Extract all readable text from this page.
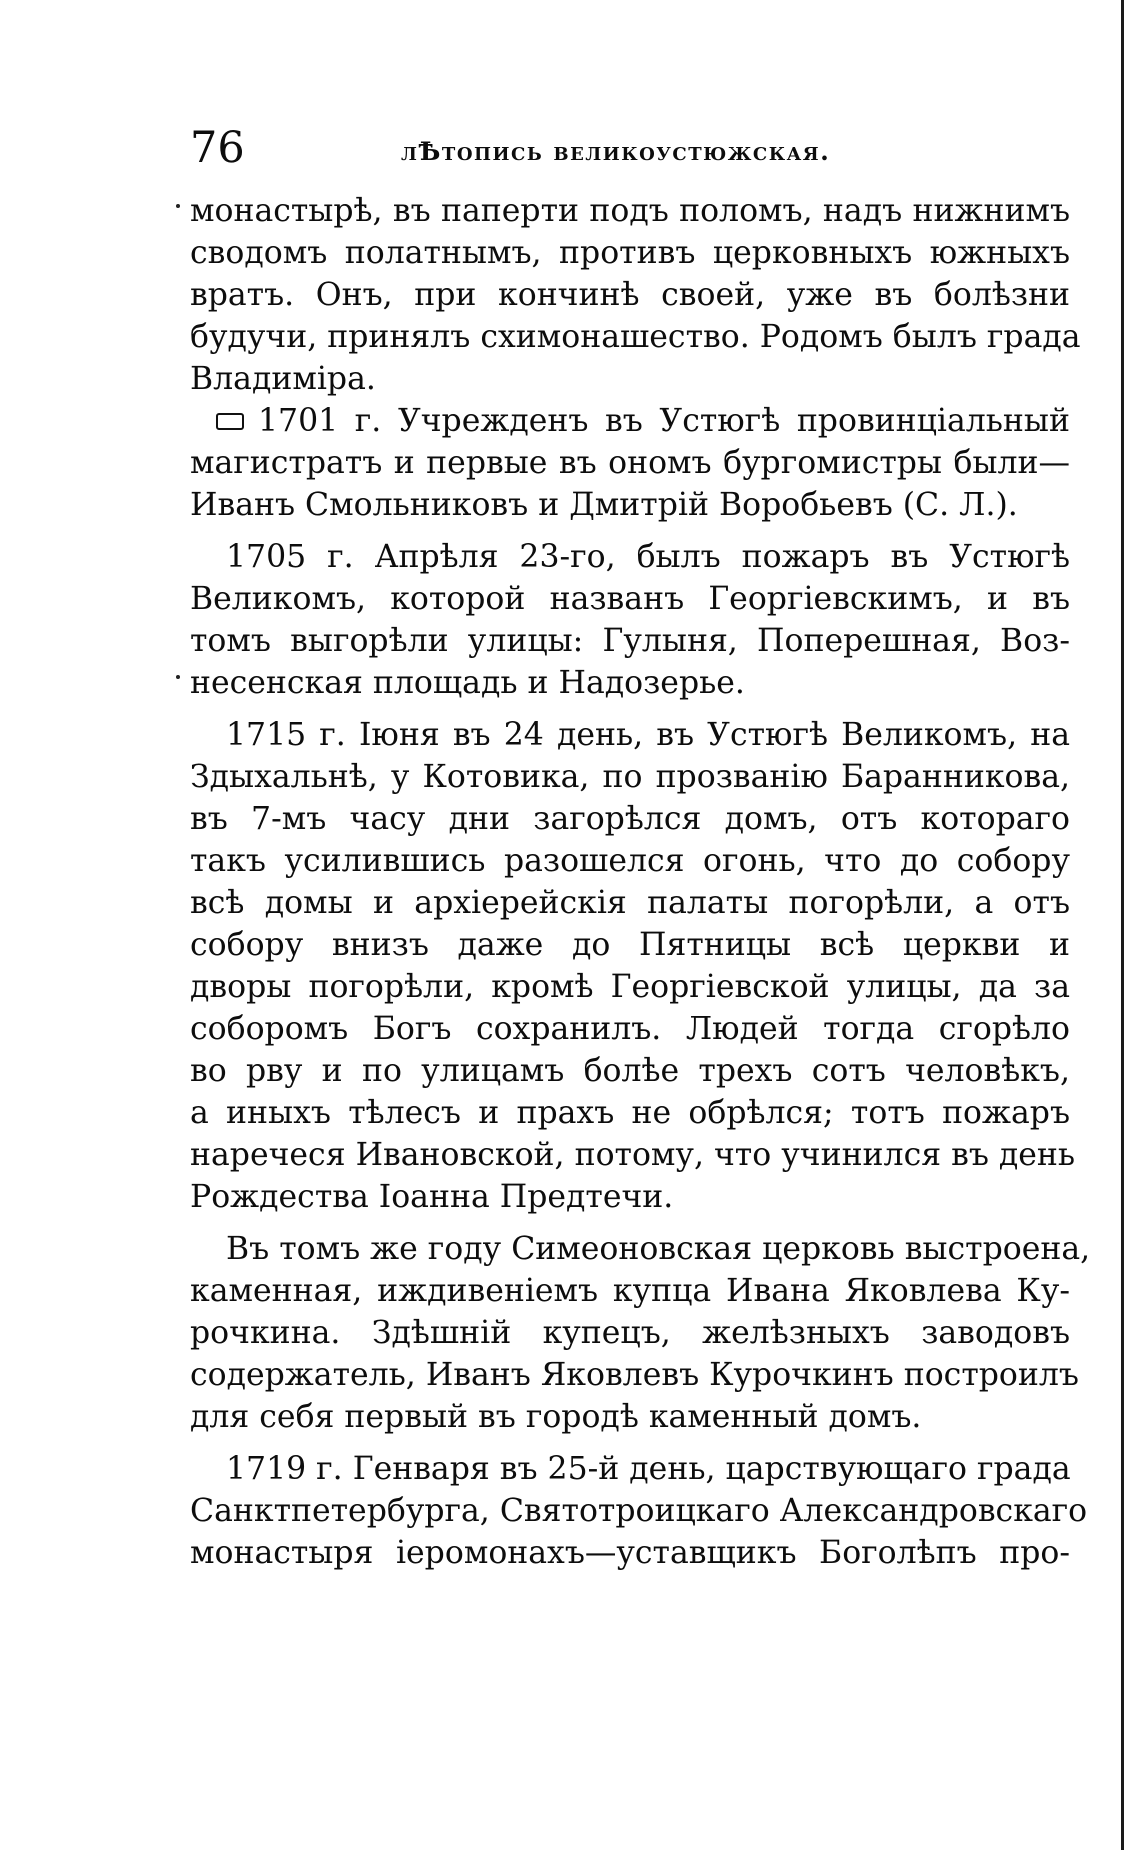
76	лѢтопись великоустюжская.
монастырѣ, въ паперти подъ поломъ, надъ нижнимъ
сводомъ полатнымъ, противъ церковныхъ южныхъ
вратъ. Онъ, при кончинѣ своей, уже въ болѣзни
будучи, принялъ схимонашество. Родомъ былъ града
Владиміра.
1701 г. Учрежденъ въ Устюгѣ провинціальный
магистратъ и первые въ ономъ бургомистры были—
Иванъ Смольниковъ и Дмитрій Воробьевъ (С. Л.).
1705 г. Апрѣля 23-го, былъ пожаръ въ Устюгѣ
Великомъ, которой названъ Георгіевскимъ, и въ
томъ выгорѣли улицы: Гулыня, Поперешная, Воз-
несенская площадь и Надозерье.
1715 г. Іюня въ 24 день, въ Устюгѣ Великомъ, на
Здыхальнѣ, у Котовика, по прозванію Баранникова,
въ 7-мъ часу дни загорѣлся домъ, отъ котораго
такъ усилившись разошелся огонь, что до собору
всѣ домы и архіерейскія палаты погорѣли, а отъ
собору внизъ даже до Пятницы всѣ церкви и
дворы погорѣли, кромѣ Георгіевской улицы, да за
соборомъ Богъ сохранилъ. Людей тогда сгорѣло
во рву и по улицамъ болѣе трехъ сотъ человѣкъ,
а иныхъ тѣлесъ и прахъ не обрѣлся; тотъ пожаръ
наречеся Ивановской, потому, что учинился въ день
Рождества Іоанна Предтечи.
Въ томъ же году Симеоновская церковь выстроена,
каменная, иждивеніемъ купца Ивана Яковлева Ку-
рочкина. Здѣшній купецъ, желѣзныхъ заводовъ
содержатель, Иванъ Яковлевъ Курочкинъ построилъ
для себя первый въ городѣ каменный домъ.
1719 г. Генваря въ 25-й день, царствующаго града
Санктпетербурга, Святотроицкаго Александровскаго
монастыря іеромонахъ—уставщикъ Боголѣпъ про-
